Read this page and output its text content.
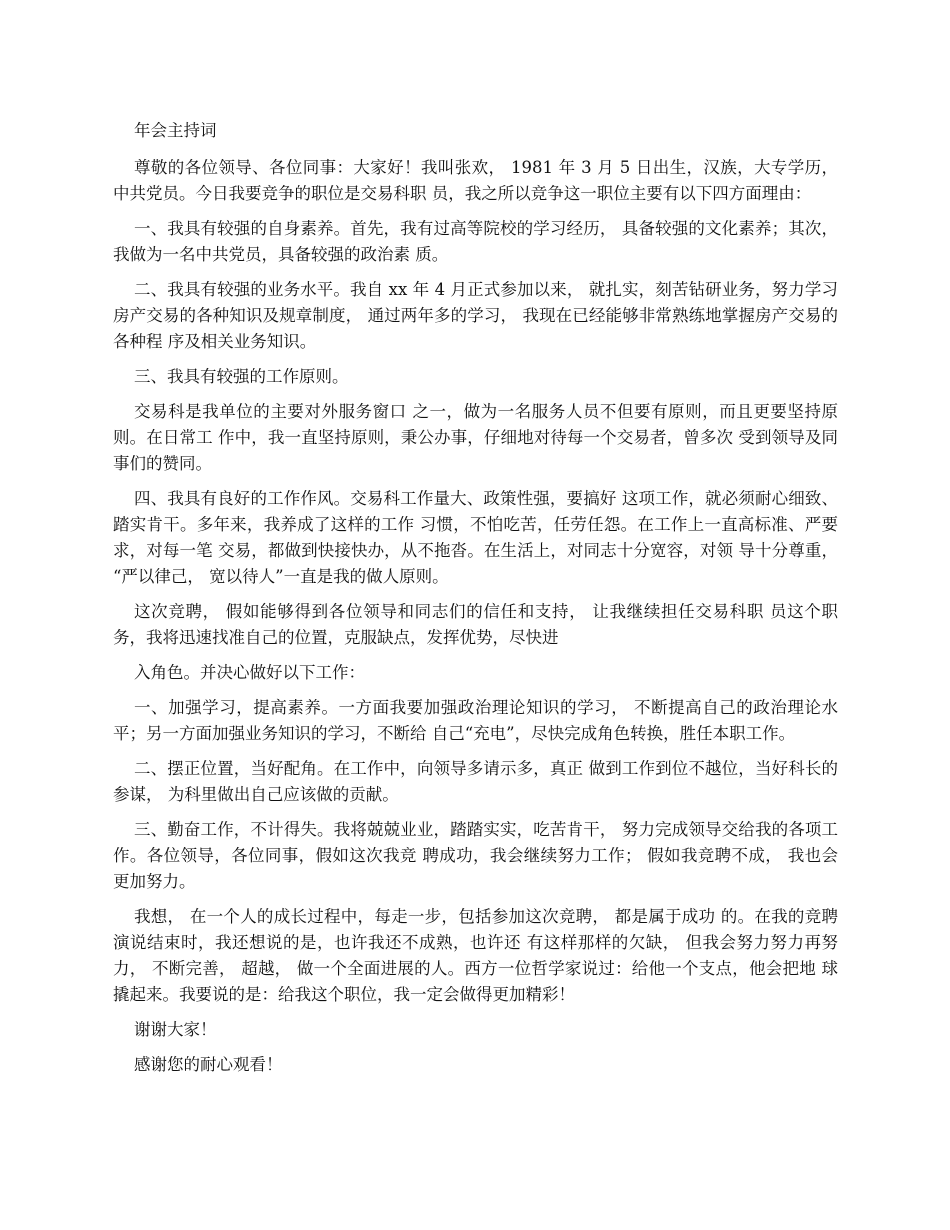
年会主持词

尊敬的各位领导、各位同事：大家好！我叫张欢， 1981 年 3 月 5 日出生，汉族，大专学历，中共党员。今日我要竞争的职位是交易科职 员，我之所以竞争这一职位主要有以下四方面理由：

一、我具有较强的自身素养。首先，我有过高等院校的学习经历， 具备较强的文化素养；其次，我做为一名中共党员，具备较强的政治素 质。

二、我具有较强的业务水平。我自 xx 年 4 月正式参加以来， 就扎实，刻苦钻研业务，努力学习房产交易的各种知识及规章制度， 通过两年多的学习， 我现在已经能够非常熟练地掌握房产交易的各种程 序及相关业务知识。

三、我具有较强的工作原则。

交易科是我单位的主要对外服务窗口 之一，做为一名服务人员不但要有原则，而且更要坚持原则。在日常工 作中，我一直坚持原则，秉公办事，仔细地对待每一个交易者，曾多次 受到领导及同事们的赞同。

四、我具有良好的工作作风。交易科工作量大、政策性强，要搞好 这项工作，就必须耐心细致、踏实肯干。多年来，我养成了这样的工作 习惯，不怕吃苦，任劳任怨。在工作上一直高标准、严要求，对每一笔 交易，都做到快接快办，从不拖沓。在生活上，对同志十分宽容，对领 导十分尊重， “严以律己， 宽以待人”一直是我的做人原则。

这次竞聘， 假如能够得到各位领导和同志们的信任和支持， 让我继续担任交易科职 员这个职务，我将迅速找准自己的位置，克服缺点，发挥优势，尽快进

入角色。并决心做好以下工作：

一、加强学习，提高素养。一方面我要加强政治理论知识的学习， 不断提高自己的政治理论水平；另一方面加强业务知识的学习，不断给 自己“充电”，尽快完成角色转换，胜任本职工作。

二、摆正位置，当好配角。在工作中，向领导多请示多，真正 做到工作到位不越位，当好科长的参谋， 为科里做出自己应该做的贡献。

三、勤奋工作，不计得失。我将兢兢业业，踏踏实实，吃苦肯干， 努力完成领导交给我的各项工作。各位领导，各位同事，假如这次我竞 聘成功，我会继续努力工作； 假如我竞聘不成， 我也会更加努力。

我想， 在一个人的成长过程中，每走一步，包括参加这次竞聘， 都是属于成功 的。在我的竞聘演说结束时，我还想说的是，也许我还不成熟，也许还 有这样那样的欠缺， 但我会努力努力再努力， 不断完善， 超越， 做一个全面进展的人。西方一位哲学家说过：给他一个支点，他会把地 球撬起来。我要说的是：给我这个职位，我一定会做得更加精彩！

谢谢大家！

感谢您的耐心观看！
